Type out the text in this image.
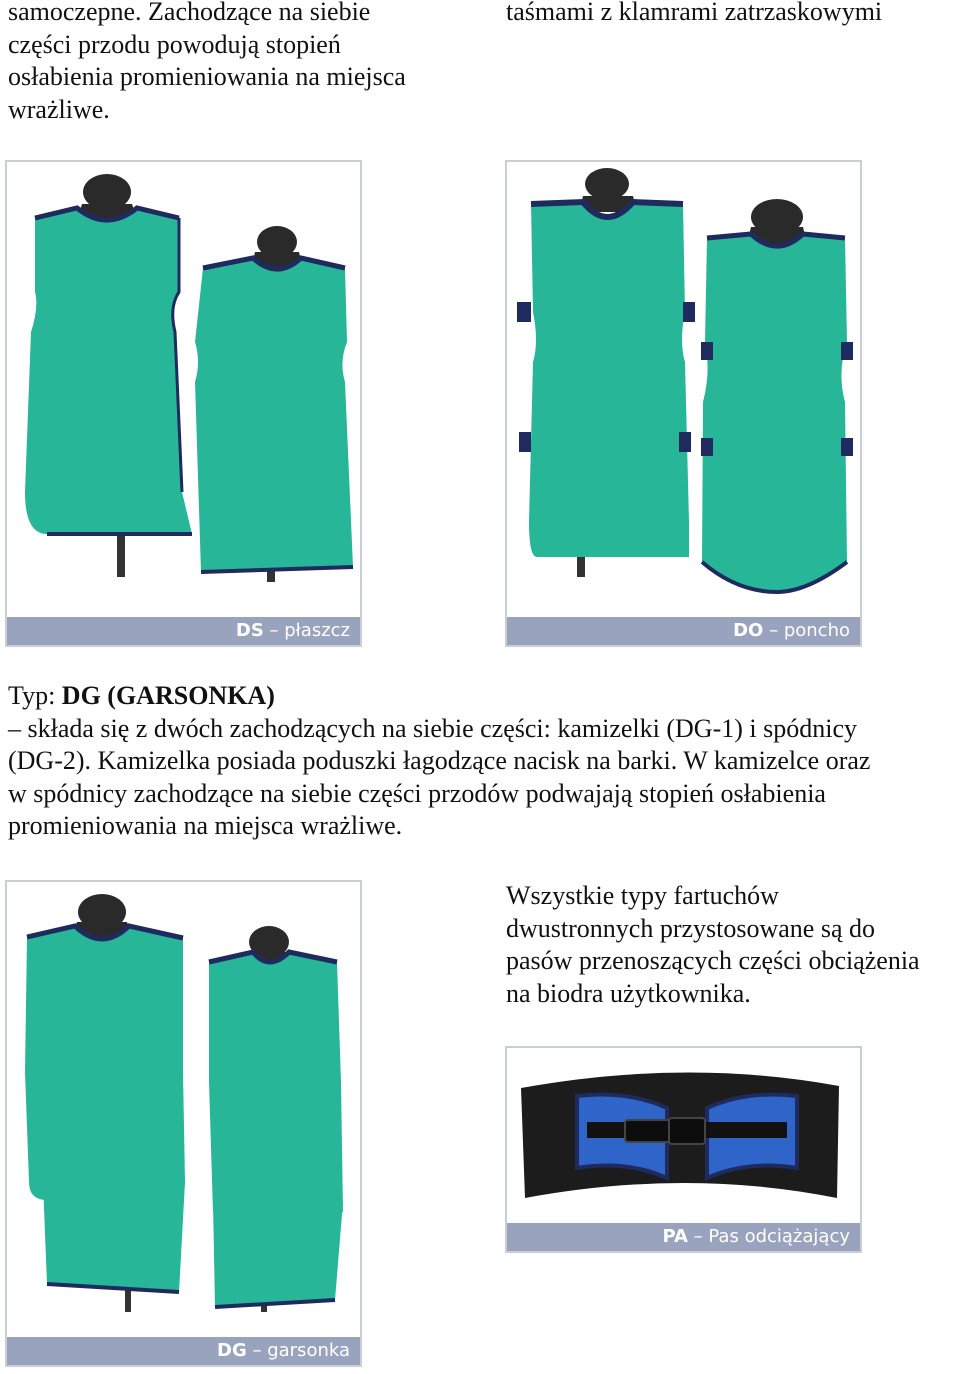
samoczepne. Zachodzące na siebie
części przodu powodują stopień
osłabienia promieniowania na miejsca
wrażliwe.
taśmami z klamrami zatrzaskowymi
DS – płaszcz	DO – poncho
Typ: DG (GARSONKA)
– składa się z dwóch zachodzących na siebie części: kamizelki (DG-1) i spódnicy
(DG-2). Kamizelka posiada poduszki łagodzące nacisk na barki. W kamizelce oraz
w spódnicy zachodzące na siebie części przodów podwajają stopień osłabienia
promieniowania na miejsca wrażliwe.
DG – garsonka
Wszystkie typy fartuchów
dwustronnych przystosowane są do
pasów przenoszących części obciążenia
na biodra użytkownika.
PA – Pas odciążający
